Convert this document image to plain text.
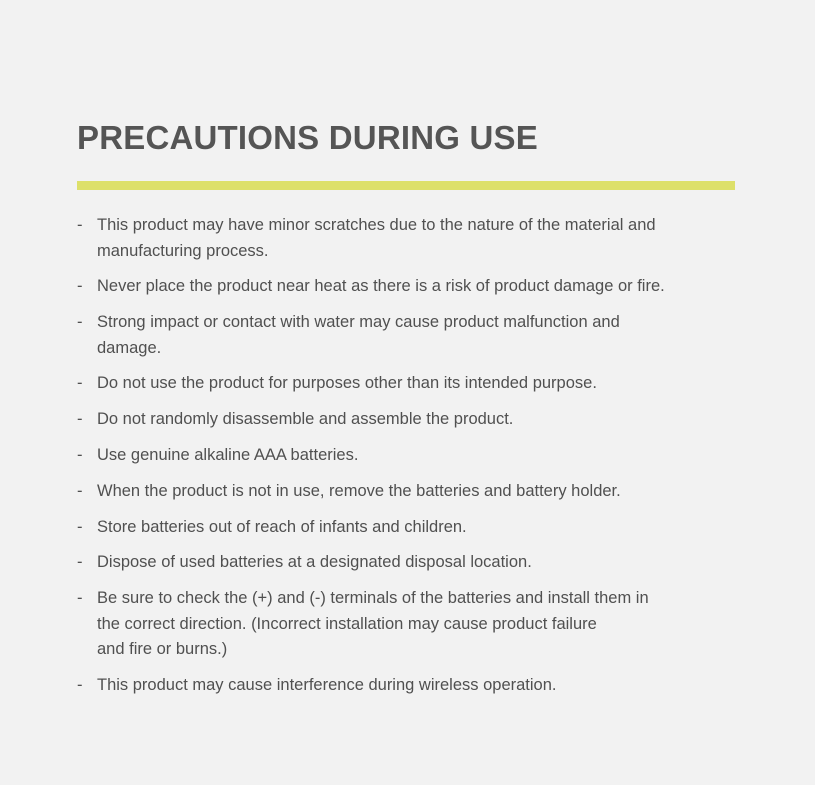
PRECAUTIONS DURING USE
- This product may have minor scratches due to the nature of the material and
manufacturing process.
- Never place the product near heat as there is a risk of product damage or fire.
- Strong impact or contact with water may cause product malfunction and
damage.
- Do not use the product for purposes other than its intended purpose.
- Do not randomly disassemble and assemble the product.
- Use genuine alkaline AAA batteries.
- When the product is not in use, remove the batteries and battery holder.
- Store batteries out of reach of infants and children.
- Dispose of used batteries at a designated disposal location.
- Be sure to check the (+) and (-) terminals of the batteries and install them in
the correct direction. (Incorrect installation may cause product failure
and fire or burns.)
- This product may cause interference during wireless operation.
